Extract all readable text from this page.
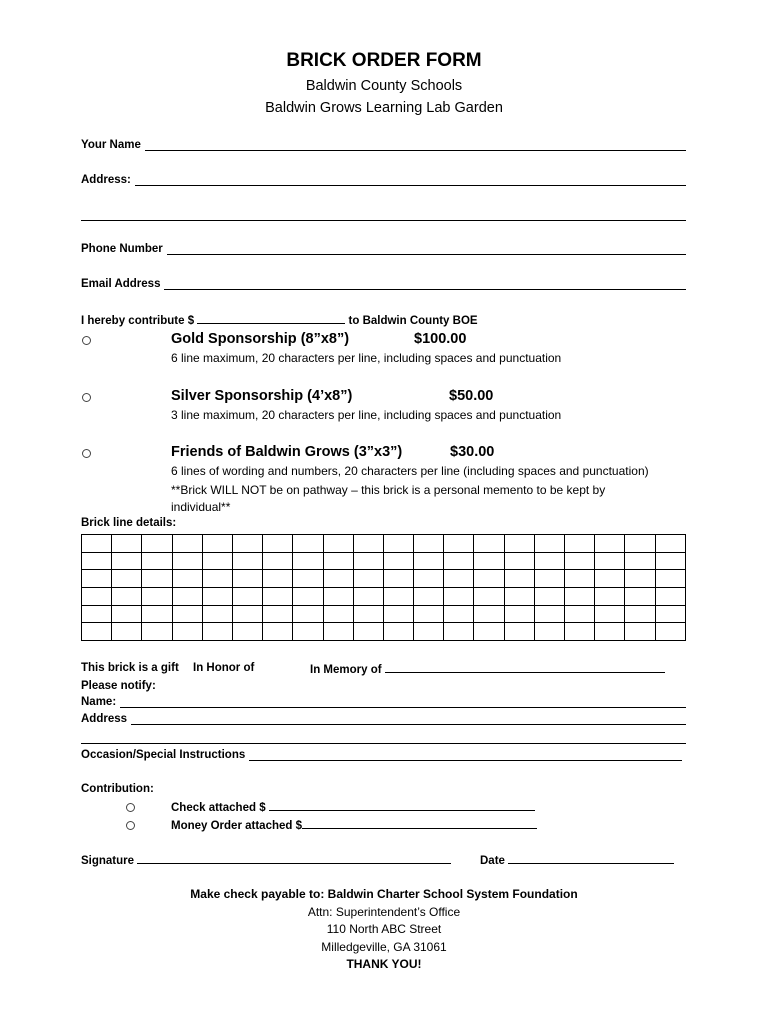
BRICK ORDER FORM
Baldwin County Schools
Baldwin Grows Learning Lab Garden
Your Name
Address:
Phone Number
Email Address
I hereby contribute $	to Baldwin County BOE
Gold Sponsorship (8”x8”)	$100.00
6 line maximum, 20 characters per line, including spaces and punctuation
Silver Sponsorship (4’x8”)	$50.00
3 line maximum, 20 characters per line, including spaces and punctuation
Friends of Baldwin Grows (3”x3”)	$30.00
6 lines of wording and numbers, 20 characters per line (including spaces and punctuation)
**Brick WILL NOT be on pathway – this brick is a personal memento to be kept by
individual**
Brick line details:

This brick is a gift In Honor of	In Memory of
Please notify:
Name:
Address
Occasion/Special Instructions
Contribution:
Check attached $
Money Order attached $
Signature	Date
Make check payable to: Baldwin Charter School System Foundation
Attn: Superintendent’s Office
110 North ABC Street
Milledgeville, GA 31061
THANK YOU!
